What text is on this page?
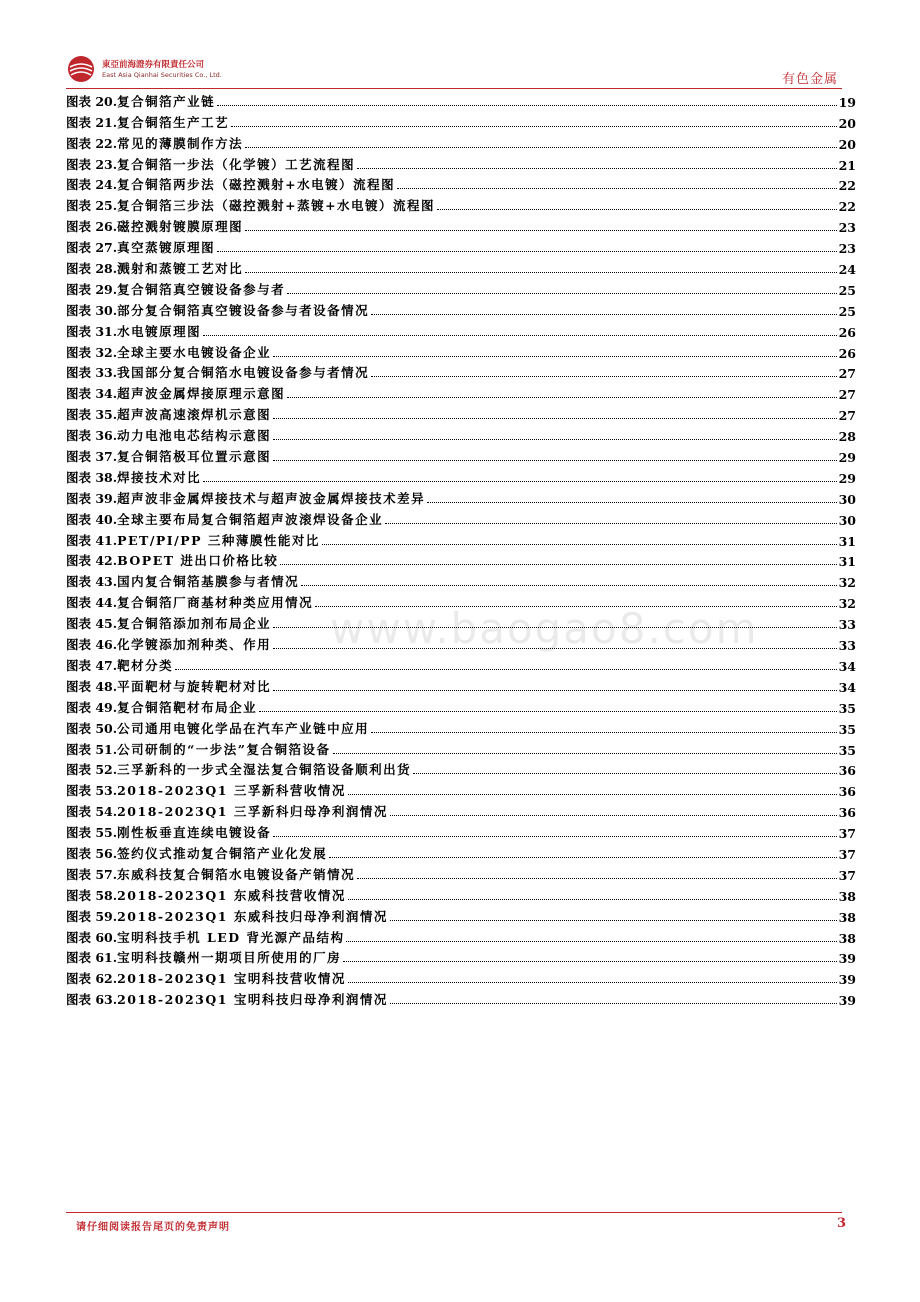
東亞前海證券有限責任公司
East Asia Qianhai Securities Co., Ltd.	有色金属
www.baogao8.com
图表 20. 复合铜箔产业链	19
图表 21. 复合铜箔生产工艺	20
图表 22. 常见的薄膜制作方法	20
图表 23. 复合铜箔一步法（化学镀）工艺流程图	21
图表 24. 复合铜箔两步法（磁控溅射+水电镀）流程图	22
图表 25. 复合铜箔三步法（磁控溅射+蒸镀+水电镀）流程图	22
图表 26. 磁控溅射镀膜原理图	23
图表 27. 真空蒸镀原理图	23
图表 28. 溅射和蒸镀工艺对比	24
图表 29. 复合铜箔真空镀设备参与者	25
图表 30. 部分复合铜箔真空镀设备参与者设备情况	25
图表 31. 水电镀原理图	26
图表 32. 全球主要水电镀设备企业	26
图表 33. 我国部分复合铜箔水电镀设备参与者情况	27
图表 34. 超声波金属焊接原理示意图	27
图表 35. 超声波高速滚焊机示意图	27
图表 36. 动力电池电芯结构示意图	28
图表 37. 复合铜箔极耳位置示意图	29
图表 38. 焊接技术对比	29
图表 39. 超声波非金属焊接技术与超声波金属焊接技术差异	30
图表 40. 全球主要布局复合铜箔超声波滚焊设备企业	30
图表 41. PET/PI/PP 三种薄膜性能对比	31
图表 42. BOPET 进出口价格比较	31
图表 43. 国内复合铜箔基膜参与者情况	32
图表 44. 复合铜箔厂商基材种类应用情况	32
图表 45. 复合铜箔添加剂布局企业	33
图表 46. 化学镀添加剂种类、作用	33
图表 47. 靶材分类	34
图表 48. 平面靶材与旋转靶材对比	34
图表 49. 复合铜箔靶材布局企业	35
图表 50. 公司通用电镀化学品在汽车产业链中应用	35
图表 51. 公司研制的“一步法”复合铜箔设备	35
图表 52. 三孚新科的一步式全湿法复合铜箔设备顺利出货	36
图表 53. 2018-2023Q1 三孚新科营收情况	36
图表 54. 2018-2023Q1 三孚新科归母净利润情况	36
图表 55. 刚性板垂直连续电镀设备	37
图表 56. 签约仪式推动复合铜箔产业化发展	37
图表 57. 东威科技复合铜箔水电镀设备产销情况	37
图表 58. 2018-2023Q1 东威科技营收情况	38
图表 59. 2018-2023Q1 东威科技归母净利润情况	38
图表 60. 宝明科技手机 LED 背光源产品结构	38
图表 61. 宝明科技赣州一期项目所使用的厂房	39
图表 62. 2018-2023Q1 宝明科技营收情况	39
图表 63. 2018-2023Q1 宝明科技归母净利润情况	39
请仔细阅读报告尾页的免责声明	3
